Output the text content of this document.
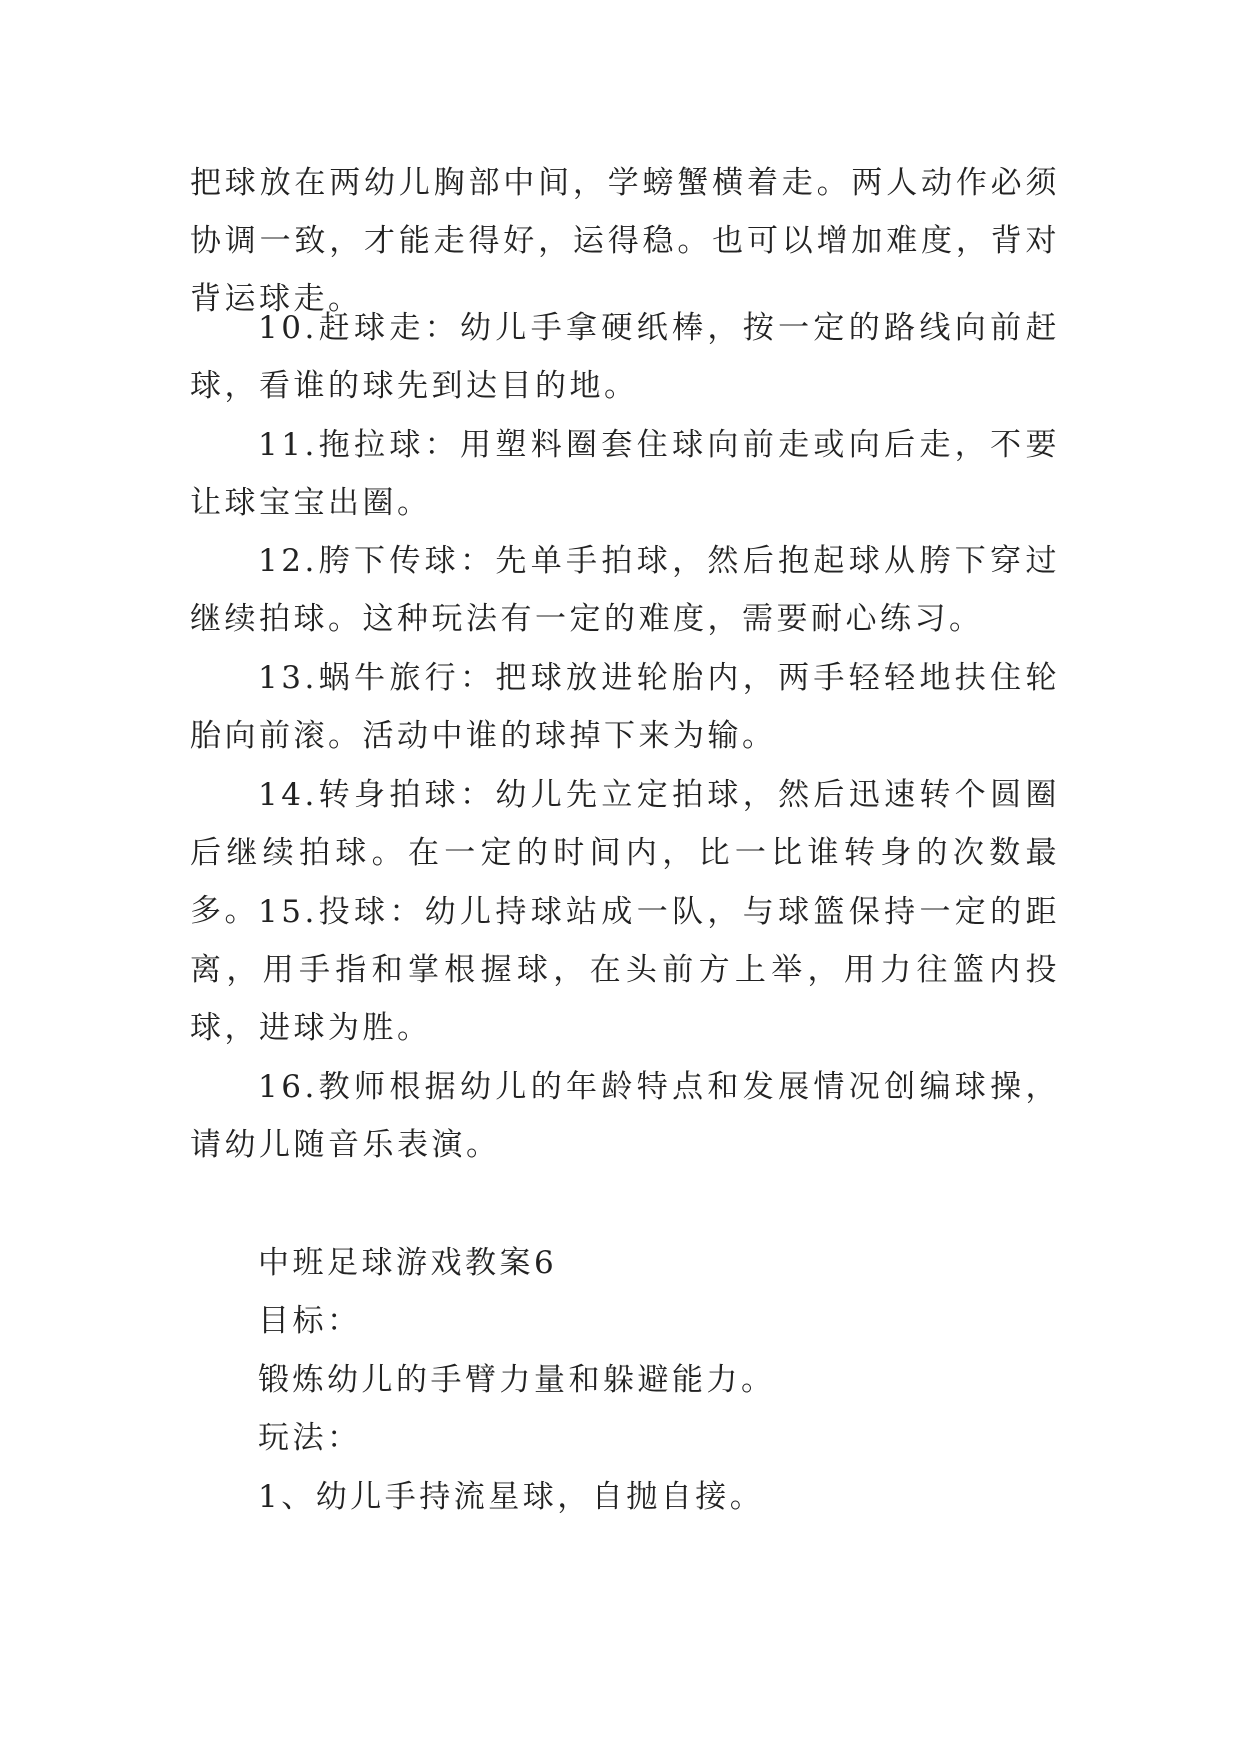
把球放在两幼儿胸部中间，学螃蟹横着走。两人动作必须协调一致，才能走得好，运得稳。也可以增加难度，背对背运球走。

10.赶球走：幼儿手拿硬纸棒，按一定的路线向前赶球，看谁的球先到达目的地。

11.拖拉球：用塑料圈套住球向前走或向后走，不要让球宝宝出圈。

12.胯下传球：先单手拍球，然后抱起球从胯下穿过继续拍球。这种玩法有一定的难度，需要耐心练习。

13.蜗牛旅行：把球放进轮胎内，两手轻轻地扶住轮胎向前滚。活动中谁的球掉下来为输。

14.转身拍球：幼儿先立定拍球，然后迅速转个圆圈后继续拍球。在一定的时间内，比一比谁转身的次数最多。 15.投球：幼儿持球站成一队，与球篮保持一定的距离，用手指和掌根握球，在头前方上举，用力往篮内投球，进球为胜。

16.教师根据幼儿的年龄特点和发展情况创编球操，请幼儿随音乐表演。

中班足球游戏教案6

目标：

锻炼幼儿的手臂力量和躲避能力。

玩法：

1、幼儿手持流星球，自抛自接。
